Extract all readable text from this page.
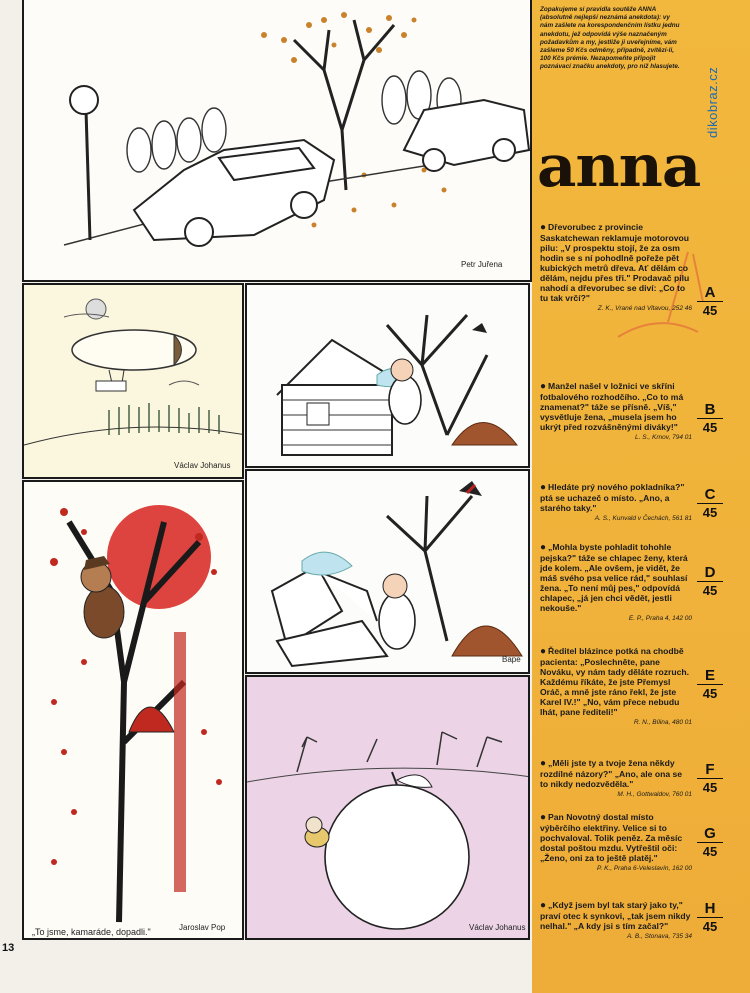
Petr Juřena
Václav Johanus
Bape
„To jsme, kamaráde, dopadli."	Jaroslav Pop	Václav Johanus
Zopakujeme si pravidla soutěže ANNA (absolutně nejlepší neznámá anekdota): vy nám zašlete na korespondenčním lístku jednu anekdotu, jež odpovídá výše naznačeným požadavkům a my, jestliže ji uveřejníme, vám zašleme 50 Kčs odměny, případně, zvítězí-li, 100 Kčs prémie. Nezapomeňte připojit poznávací značku anekdoty, pro niž hlasujete. dikobraz.cz
anna
● Dřevorubec z provincie Saskatchewan reklamuje motorovou pilu: „V prospektu stojí, že za osm hodin se s ní pohodlně pořeže pět kubických metrů dřeva. Ať dělám co dělám, nejdu přes tři." Prodavač pilu nahodí a dřevorubec se diví: „Co to tu tak vrčí?"
Z. K., Vrané nad Vltavou, 252 46
A
45
● Manžel našel v ložnici ve skříni fotbalového rozhodčího. „Co to má znamenat?" táže se přísně. „Víš," vysvětluje žena, „musela jsem ho ukrýt před rozvášněnými diváky!"
L. S., Krnov, 794 01
B
45
● Hledáte prý nového pokladníka?" ptá se uchazeč o místo. „Ano, a starého taky."
A. S., Kunvald v Čechách, 561 81
C
45
● „Mohla byste pohladit tohohle pejska?" táže se chlapec ženy, která jde kolem. „Ale ovšem, je vidět, že máš svého psa velice rád," souhlasí žena. „To není můj pes," odpovídá chlapec, „já jen chci vědět, jestli nekouše."
E. P., Praha 4, 142 00
D
45
● Ředitel blázince potká na chodbě pacienta: „Poslechněte, pane Nováku, vy nám tady děláte rozruch. Každému říkáte, že jste Přemysl Oráč, a mně jste ráno řekl, že jste Karel IV.!" „No, vám přece nebudu lhát, pane řediteli!"
R. N., Bílina, 480 01
E
45
● „Měli jste ty a tvoje žena někdy rozdílné názory?" „Ano, ale ona se to nikdy nedozvěděla."
M. H., Gottwaldov, 760 01
F
45
● Pan Novotný dostal místo výběrčího elektřiny. Velice si to pochvaloval. Tolik peněz. Za měsíc dostal poštou mzdu. Vytřeštil oči: „Ženo, oni za to ještě platěj."
P. K., Praha 6-Veleslavín, 162 00
G
45
● „Když jsem byl tak starý jako ty," praví otec k synkovi, „tak jsem nikdy nelhal." „A kdy jsi s tím začal?"
A. B., Stonava, 735 34
H
45
13
